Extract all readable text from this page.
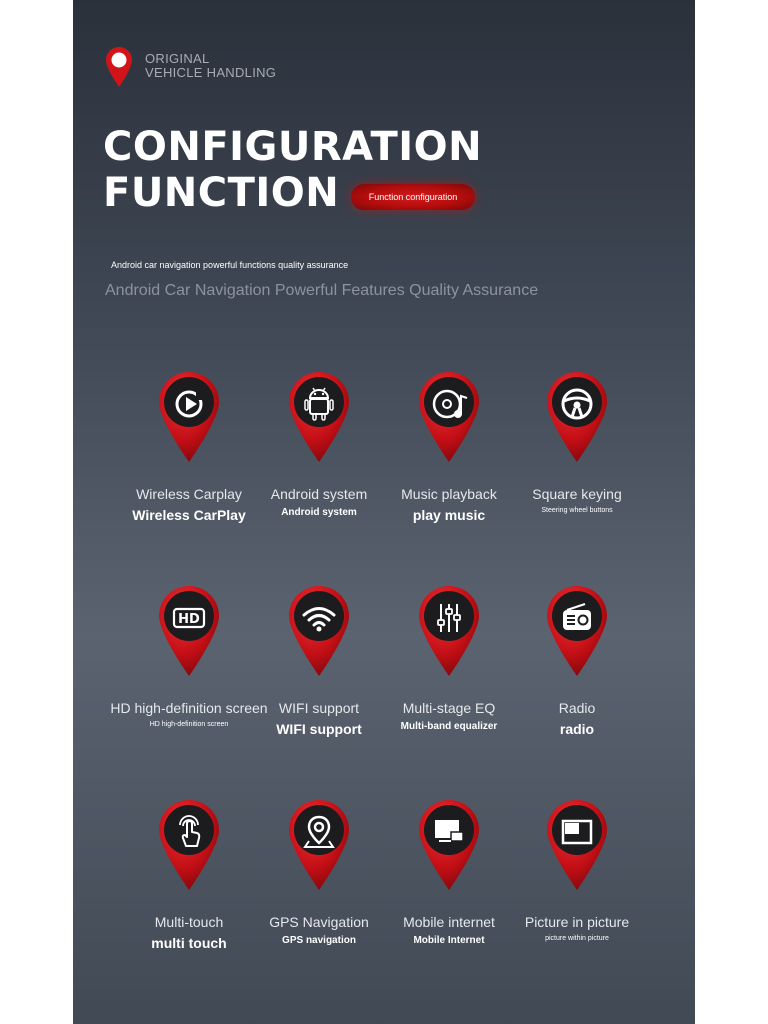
ORIGINAL
VEHICLE HANDLING
CONFIGURATION
FUNCTION	Function configuration
Android car navigation powerful functions quality assurance
Android Car Navigation Powerful Features Quality Assurance
Wireless Carplay
Wireless CarPlay
Android system
Android system
Music playback
play music
Square keying
Steering wheel buttons
HD
HD high-definition screen
HD high-definition screen
WIFI support
WIFI support
Multi-stage EQ
Multi-band equalizer
Radio
radio
Multi-touch
multi touch
GPS Navigation
GPS navigation
Mobile internet
Mobile Internet
Picture in picture
picture within picture
